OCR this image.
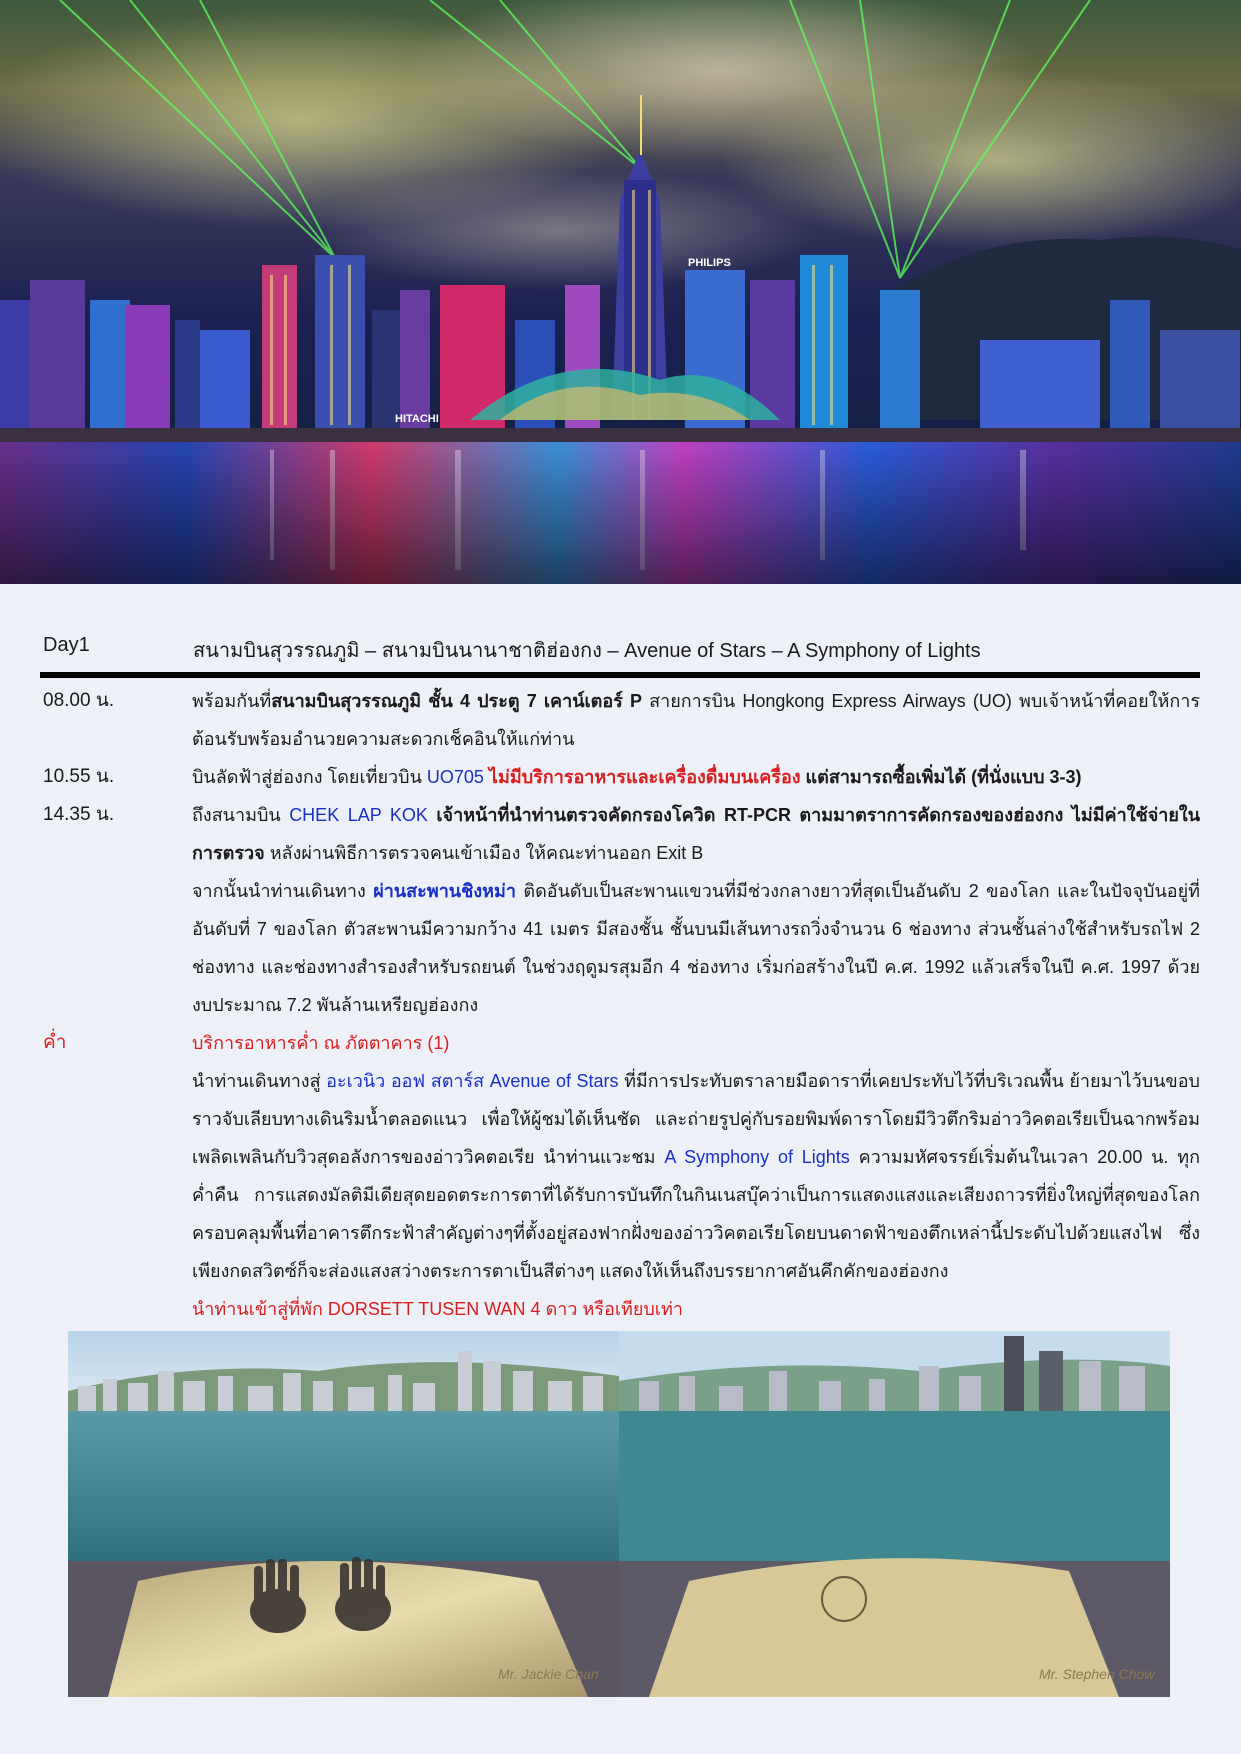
PHILIPS
HITACHI
Day1	สนามบินสุวรรณภูมิ – สนามบินนานาชาติฮ่องกง – Avenue of Stars – A Symphony of Lights
08.00 น.	พร้อมกันที่สนามบินสุวรรณภูมิ ชั้น 4 ประตู 7 เคาน์เตอร์ P สายการบิน Hongkong Express Airways (UO) พบเจ้าหน้าที่คอยให้การต้อนรับพร้อมอำนวยความสะดวกเช็คอินให้แก่ท่าน
10.55 น.	บินลัดฟ้าสู่ฮ่องกง โดยเที่ยวบิน UO705 ไม่มีบริการอาหารและเครื่องดื่มบนเครื่อง แต่สามารถซื้อเพิ่มได้ (ที่นั่งแบบ 3-3)
14.35 น.	ถึงสนามบิน CHEK LAP KOK เจ้าหน้าที่นำท่านตรวจคัดกรองโควิด RT-PCR ตามมาตราการคัดกรองของฮ่องกง ไม่มีค่าใช้จ่ายในการตรวจ หลังผ่านพิธีการตรวจคนเข้าเมือง ให้คณะท่านออก Exit B
จากนั้นนำท่านเดินทาง ผ่านสะพานชิงหม่า ติดอันดับเป็นสะพานแขวนที่มีช่วงกลางยาวที่สุดเป็นอันดับ 2 ของโลก และในปัจจุบันอยู่ที่อันดับที่ 7 ของโลก ตัวสะพานมีความกว้าง 41 เมตร มีสองชั้น ชั้นบนมีเส้นทางรถวิ่งจำนวน 6 ช่องทาง ส่วนชั้นล่างใช้สำหรับรถไฟ 2 ช่องทาง และช่องทางสำรองสำหรับรถยนต์ ในช่วงฤดูมรสุมอีก 4 ช่องทาง เริ่มก่อสร้างในปี ค.ศ. 1992 แล้วเสร็จในปี ค.ศ. 1997 ด้วยงบประมาณ 7.2 พันล้านเหรียญฮ่องกง
ค่ำ	บริการอาหารค่ำ ณ ภัตตาคาร (1)
นำท่านเดินทางสู่ อะเวนิว ออฟ สตาร์ส Avenue of Stars ที่มีการประทับตราลายมือดาราที่เคยประทับไว้ที่บริเวณพื้น ย้ายมาไว้บนขอบราวจับเลียบทางเดินริมน้ำตลอดแนว เพื่อให้ผู้ชมได้เห็นชัด และถ่ายรูปคู่กับรอยพิมพ์ดาราโดยมีวิวตึกริมอ่าววิคตอเรียเป็นฉากพร้อมเพลิดเพลินกับวิวสุดอลังการของอ่าววิคตอเรีย นำท่านแวะชม A Symphony of Lights ความมหัศจรรย์เริ่มต้นในเวลา 20.00 น. ทุกค่ำคืน การแสดงมัลติมีเดียสุดยอดตระการตาที่ได้รับการบันทึกในกินเนสบุ๊คว่าเป็นการแสดงแสงและเสียงถาวรที่ยิ่งใหญ่ที่สุดของโลกครอบคลุมพื้นที่อาคารตึกระฟ้าสำคัญต่างๆที่ตั้งอยู่สองฟากฝั่งของอ่าววิคตอเรียโดยบนดาดฟ้าของตึกเหล่านี้ประดับไปด้วยแสงไฟ ซึ่งเพียงกดสวิตซ์ก็จะส่องแสงสว่างตระการตาเป็นสีต่างๆ แสดงให้เห็นถึงบรรยากาศอันคึกคักของฮ่องกง
นำท่านเข้าสู่ที่พัก DORSETT TUSEN WAN 4 ดาว หรือเทียบเท่า
Mr. Jackie Chan	Mr. Stephen Chow
